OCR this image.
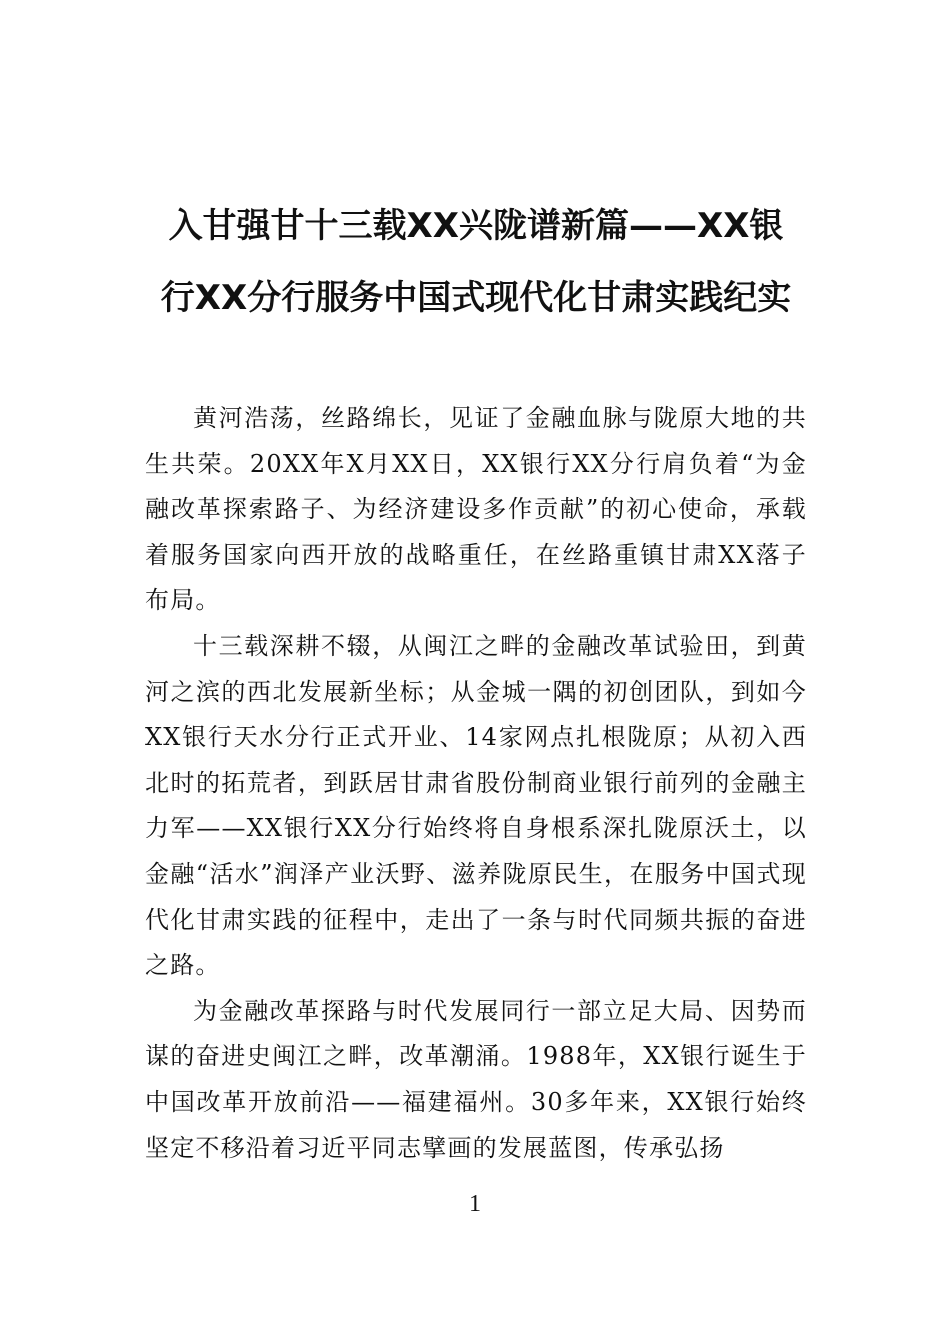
入甘强甘十三载XX兴陇谱新篇——XX银
行XX分行服务中国式现代化甘肃实践纪实

黄河浩荡，丝路绵长，见证了金融血脉与陇原大地的共生共荣。20XX年X月XX日，XX银行XX分行肩负着“为金融改革探索路子、为经济建设多作贡献”的初心使命，承载着服务国家向西开放的战略重任，在丝路重镇甘肃XX落子布局。

十三载深耕不辍，从闽江之畔的金融改革试验田，到黄河之滨的西北发展新坐标；从金城一隅的初创团队，到如今XX银行天水分行正式开业、14家网点扎根陇原；从初入西北时的拓荒者，到跃居甘肃省股份制商业银行前列的金融主力军——XX银行XX分行始终将自身根系深扎陇原沃土，以金融“活水”润泽产业沃野、滋养陇原民生，在服务中国式现代化甘肃实践的征程中，走出了一条与时代同频共振的奋进之路。

为金融改革探路与时代发展同行一部立足大局、因势而谋的奋进史闽江之畔，改革潮涌。1988年，XX银行诞生于中国改革开放前沿——福建福州。30多年来，XX银行始终坚定不移沿着习近平同志擘画的发展蓝图，传承弘扬

1
